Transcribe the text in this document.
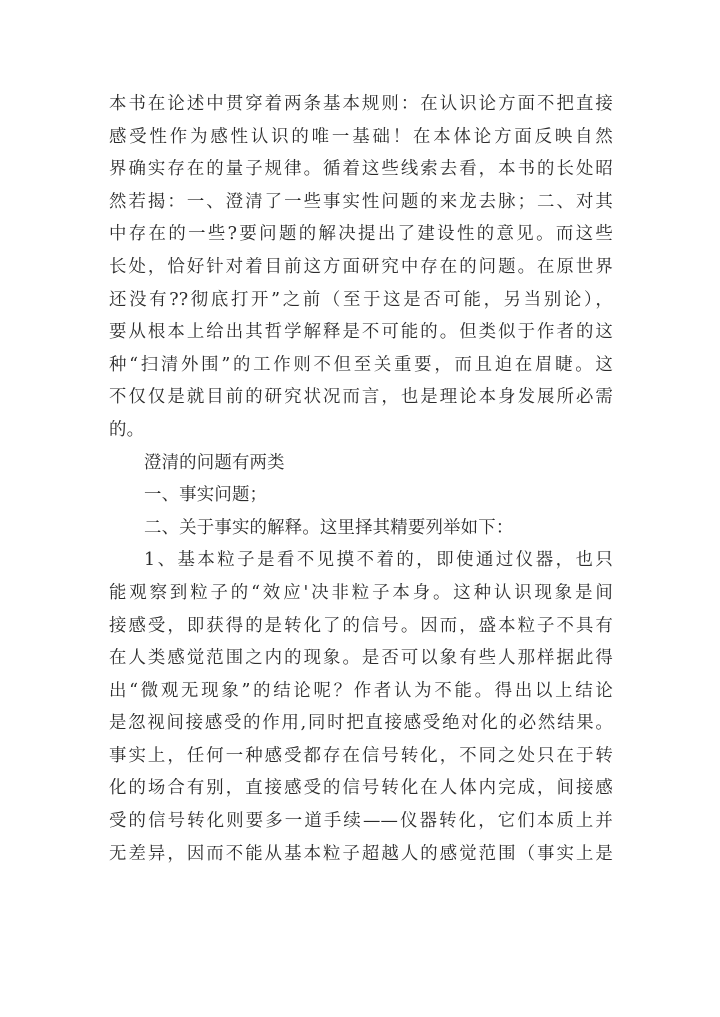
本书在论述中贯穿着两条基本规则：在认识论方面不把直接
感受性作为感性认识的唯一基础！在本体论方面反映自然
界确实存在的量子规律。循着这些线索去看，本书的长处昭
然若揭：一、澄清了一些事实性问题的来龙去脉；二、对其
中存在的一些?要问题的解决提出了建设性的意见。而这些
长处，恰好针对着目前这方面研究中存在的问题。在原世界
还没有??彻底打开”之前（至于这是否可能，另当别论），
要从根本上给出其哲学解释是不可能的。但类似于作者的这
种“扫清外围”的工作则不但至关重要，而且迫在眉睫。这
不仅仅是就目前的研究状况而言，也是理论本身发展所必需
的。
澄清的问题有两类
一、事实问题；
二、关于事实的解释。这里择其精要列举如下：
1、基本粒子是看不见摸不着的，即使通过仪器，也只
能观察到粒子的“效应'决非粒子本身。这种认识现象是间
接感受，即获得的是转化了的信号。因而，盛本粒子不具有
在人类感觉范围之内的现象。是否可以象有些人那样据此得
出“微观无现象”的结论呢？作者认为不能。得出以上结论
是忽视间接感受的作用,同时把直接感受绝对化的必然结果。
事实上，任何一种感受都存在信号转化，不同之处只在于转
化的场合有别，直接感受的信号转化在人体内完成，间接感
受的信号转化则要多一道手续——仪器转化，它们本质上并
无差异，因而不能从基本粒子超越人的感觉范围（事实上是
